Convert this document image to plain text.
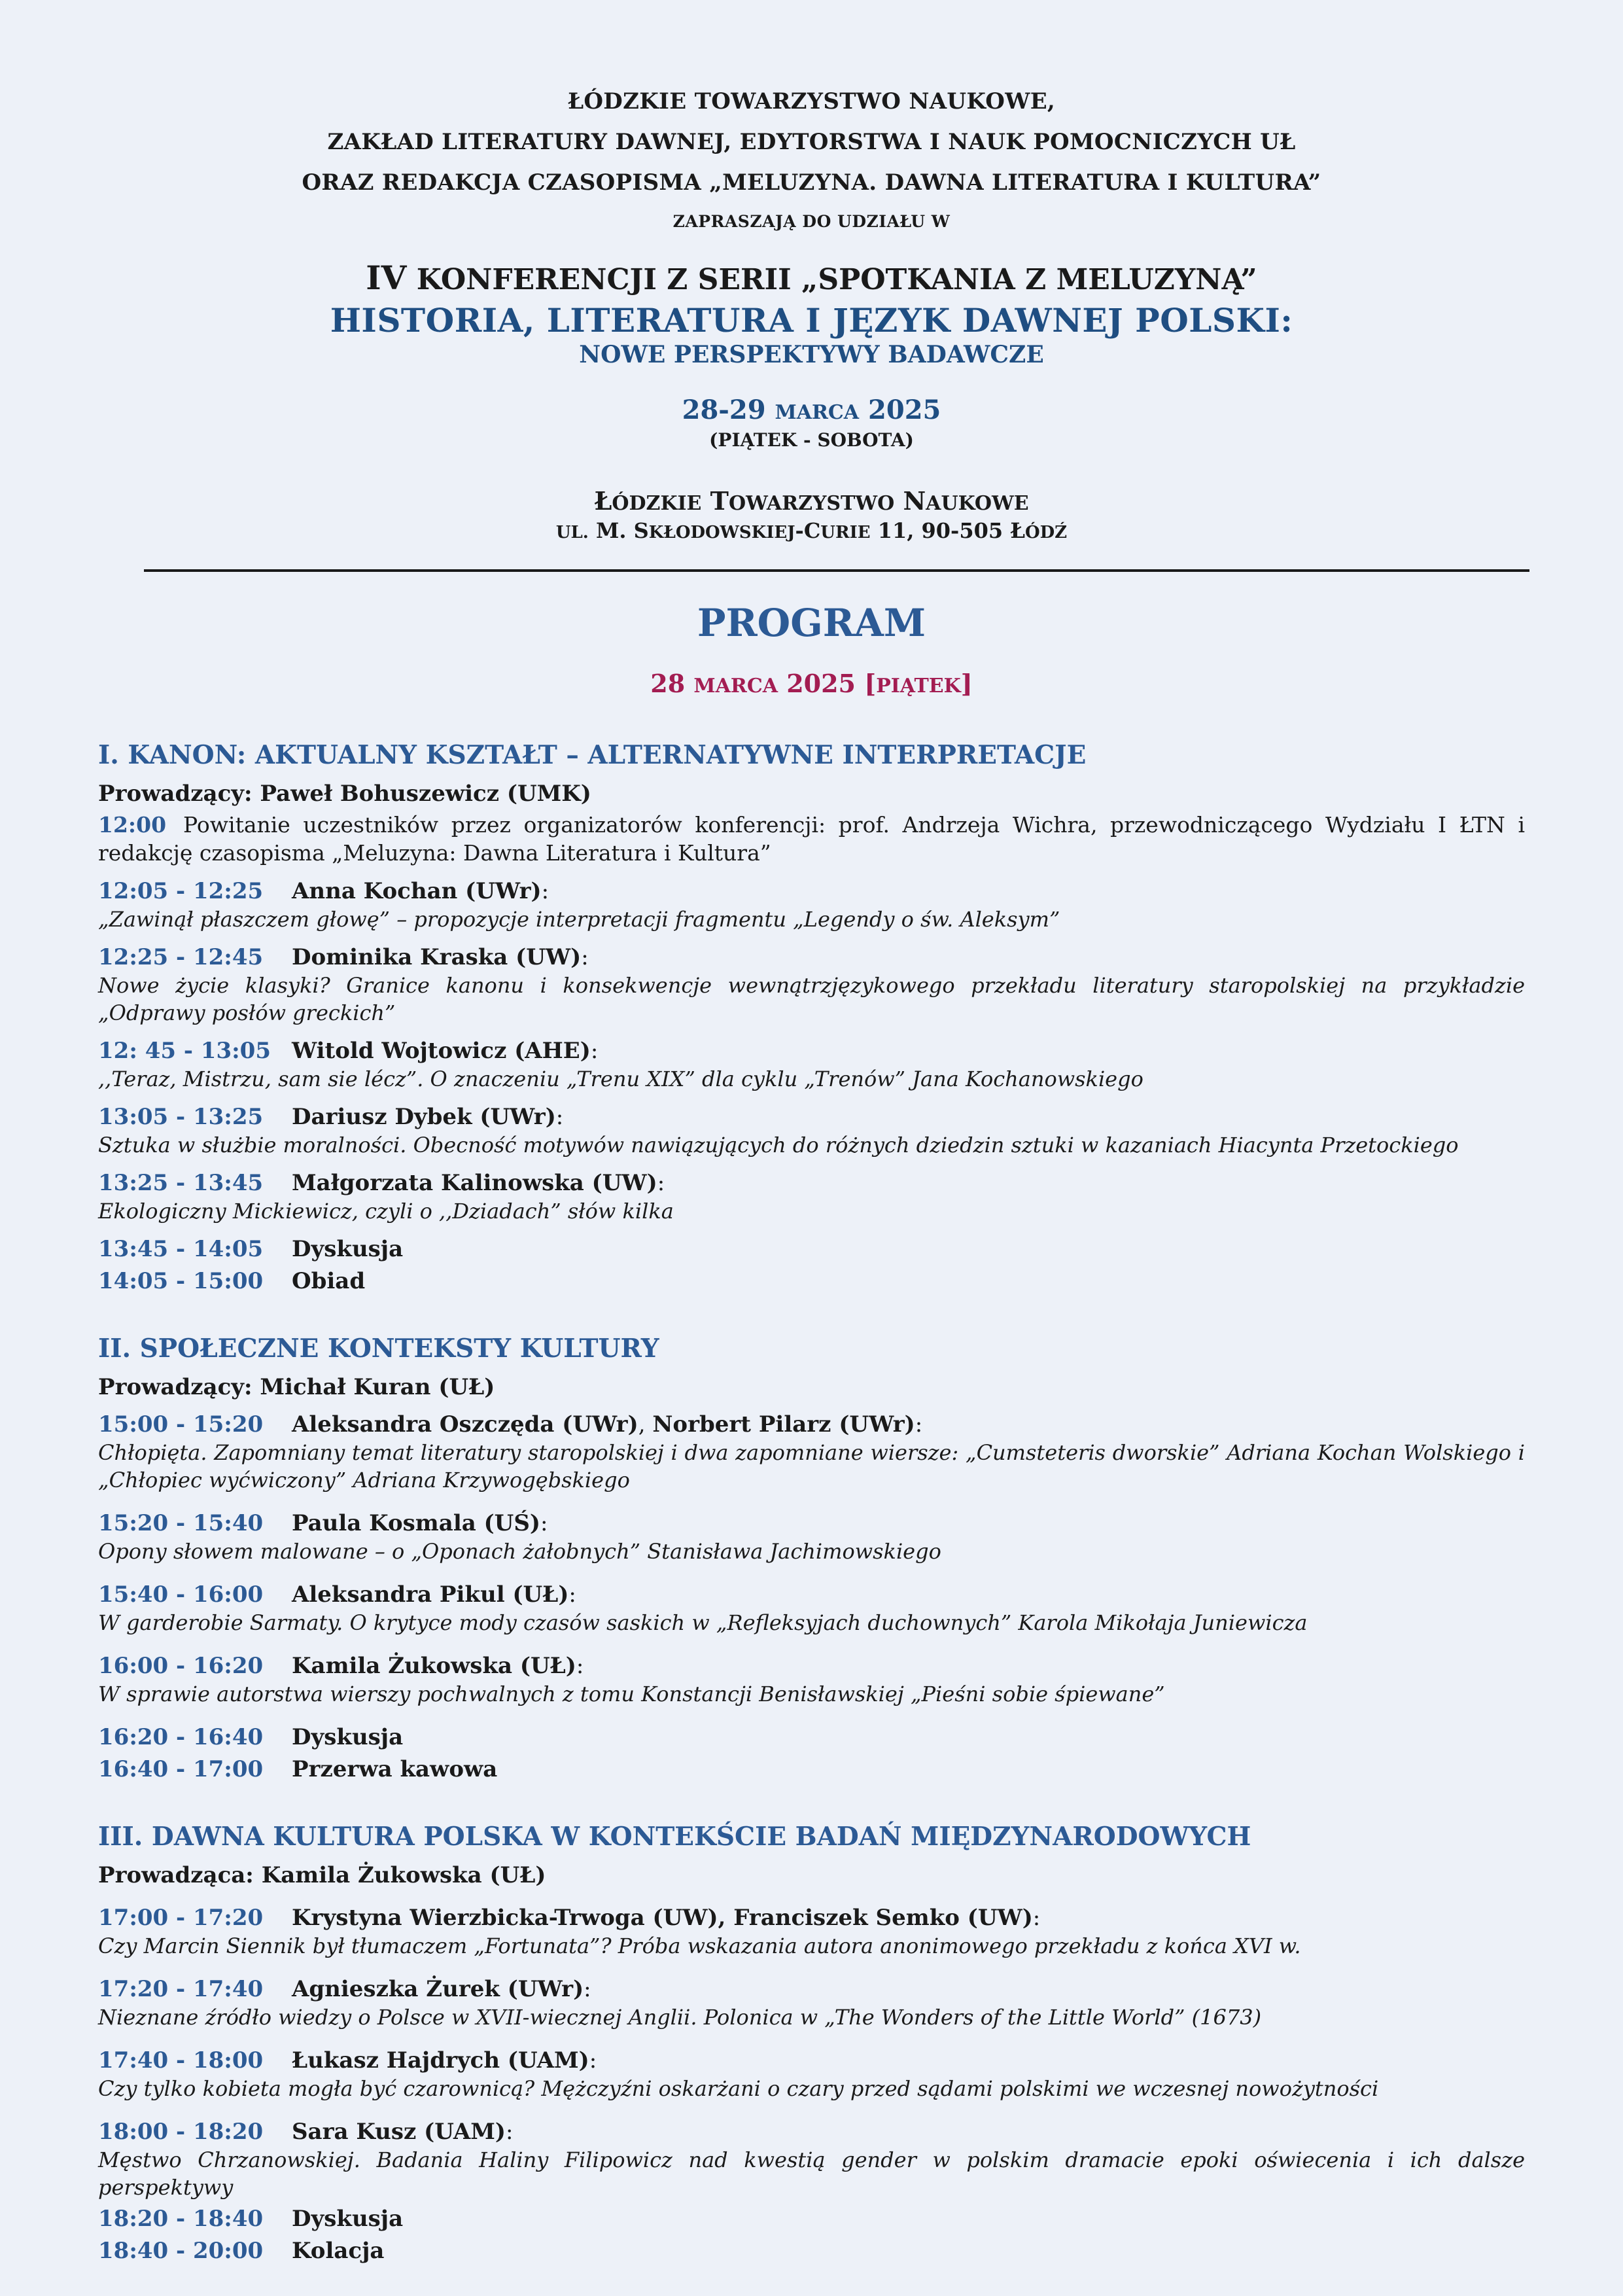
ŁÓDZKIE TOWARZYSTWO NAUKOWE,
ZAKŁAD LITERATURY DAWNEJ, EDYTORSTWA I NAUK POMOCNICZYCH UŁ
ORAZ REDAKCJA CZASOPISMA „MELUZYNA. DAWNA LITERATURA I KULTURA”
ZAPRASZAJĄ DO UDZIAŁU W
IV KONFERENCJI Z SERII „SPOTKANIA Z MELUZYNĄ”
HISTORIA, LITERATURA I JĘZYK DAWNEJ POLSKI:
NOWE PERSPEKTYWY BADAWCZE
28-29 MARCA 2025
(PIĄTEK - SOBOTA)
ŁÓDZKIE TOWARZYSTWO NAUKOWE
UL. M. SKŁODOWSKIEJ-CURIE 11, 90-505 ŁÓDŹ
PROGRAM
28 MARCA 2025 [PIĄTEK]
I. KANON: AKTUALNY KSZTAŁT – ALTERNATYWNE INTERPRETACJE
Prowadzący: Paweł Bohuszewicz (UMK)
12:00 Powitanie uczestników przez organizatorów konferencji: prof. Andrzeja Wichra, przewodniczącego Wydziału I ŁTN i redakcję czasopisma „Meluzyna: Dawna Literatura i Kultura”
12:05 - 12:25 Anna Kochan (UWr):
„Zawinął płaszczem głowę” – propozycje interpretacji fragmentu „Legendy o św. Aleksym”
12:25 - 12:45 Dominika Kraska (UW):
Nowe życie klasyki? Granice kanonu i konsekwencje wewnątrzjęzykowego przekładu literatury staropolskiej na przykładzie „Odprawy posłów greckich”
12: 45 - 13:05 Witold Wojtowicz (AHE):
,,Teraz, Mistrzu, sam sie lécz”. O znaczeniu „Trenu XIX” dla cyklu „Trenów” Jana Kochanowskiego
13:05 - 13:25 Dariusz Dybek (UWr):
Sztuka w służbie moralności. Obecność motywów nawiązujących do różnych dziedzin sztuki w kazaniach Hiacynta Przetockiego
13:25 - 13:45 Małgorzata Kalinowska (UW):
Ekologiczny Mickiewicz, czyli o ,,Dziadach” słów kilka
13:45 - 14:05 Dyskusja
14:05 - 15:00 Obiad
II. SPOŁECZNE KONTEKSTY KULTURY
Prowadzący: Michał Kuran (UŁ)
15:00 - 15:20 Aleksandra Oszczęda (UWr), Norbert Pilarz (UWr):
Chłopięta. Zapomniany temat literatury staropolskiej i dwa zapomniane wiersze: „Cumsteteris dworskie” Adriana Kochan Wolskiego i „Chłopiec wyćwiczony” Adriana Krzywogębskiego
15:20 - 15:40 Paula Kosmala (UŚ):
Opony słowem malowane – o „Oponach żałobnych” Stanisława Jachimowskiego
15:40 - 16:00 Aleksandra Pikul (UŁ):
W garderobie Sarmaty. O krytyce mody czasów saskich w „Refleksyjach duchownych” Karola Mikołaja Juniewicza
16:00 - 16:20 Kamila Żukowska (UŁ):
W sprawie autorstwa wierszy pochwalnych z tomu Konstancji Benisławskiej „Pieśni sobie śpiewane”
16:20 - 16:40 Dyskusja
16:40 - 17:00 Przerwa kawowa
III. DAWNA KULTURA POLSKA W KONTEKŚCIE BADAŃ MIĘDZYNARODOWYCH
Prowadząca: Kamila Żukowska (UŁ)
17:00 - 17:20 Krystyna Wierzbicka-Trwoga (UW), Franciszek Semko (UW):
Czy Marcin Siennik był tłumaczem „Fortunata”? Próba wskazania autora anonimowego przekładu z końca XVI w.
17:20 - 17:40 Agnieszka Żurek (UWr):
Nieznane źródło wiedzy o Polsce w XVII-wiecznej Anglii. Polonica w „The Wonders of the Little World” (1673)
17:40 - 18:00 Łukasz Hajdrych (UAM):
Czy tylko kobieta mogła być czarownicą? Mężczyźni oskarżani o czary przed sądami polskimi we wczesnej nowożytności
18:00 - 18:20 Sara Kusz (UAM):
Męstwo Chrzanowskiej. Badania Haliny Filipowicz nad kwestią gender w polskim dramacie epoki oświecenia i ich dalsze perspektywy
18:20 - 18:40 Dyskusja
18:40 - 20:00 Kolacja
